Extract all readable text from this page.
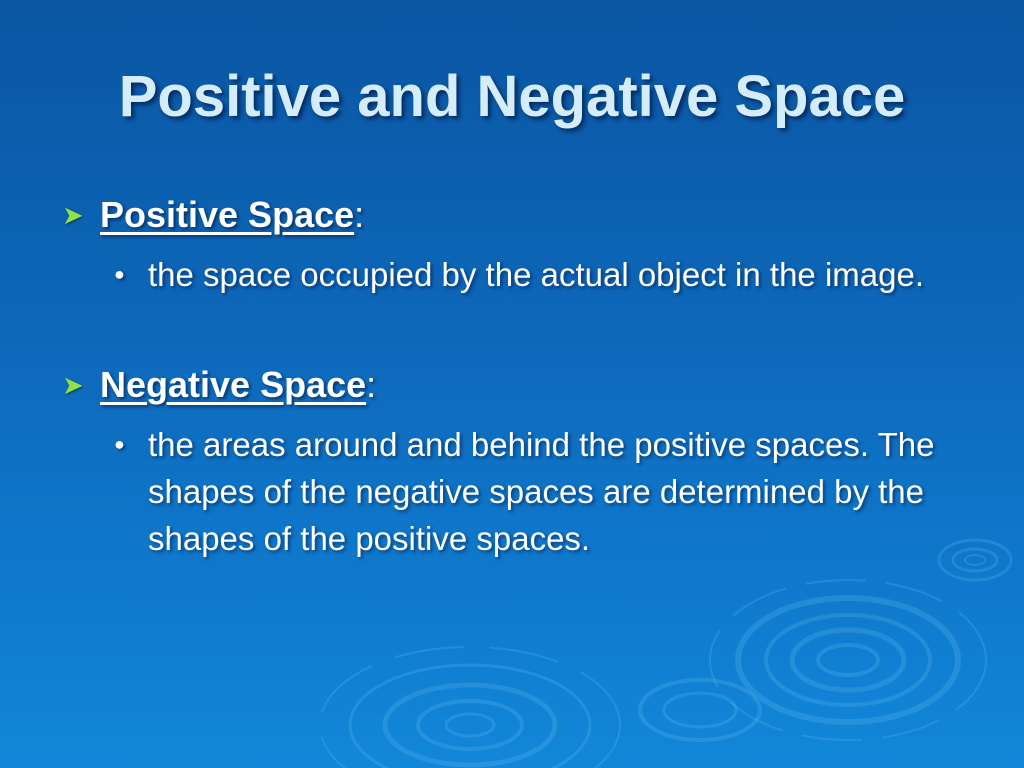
Positive and Negative Space
➤ Positive Space :
● the space occupied by the actual object in the image.
➤ Negative Space :
● the areas around and behind the positive spaces. The shapes of the negative spaces are determined by the shapes of the positive spaces.
